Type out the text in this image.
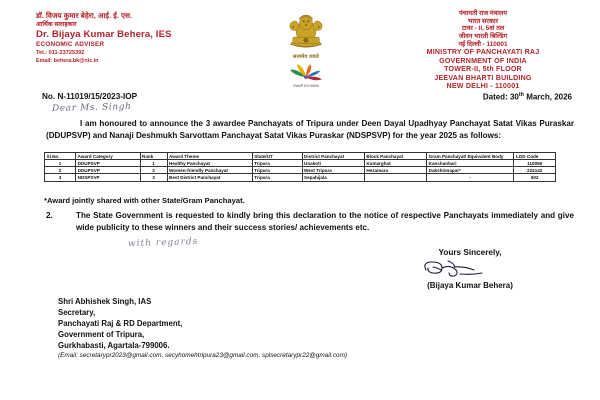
डॉ. विजय कुमार बेहेरा, आई. ई. एस.
आर्थिक सलाहकार
Dr. Bijaya Kumar Behera, IES
ECONOMIC ADVISER
Tel.: 011-23725392
Email: behera.bk@nic.in
सत्यमेव जयते
पंचायती राज मंत्रालय
पंचायती राज मंत्रालय
भारत सरकार
टावर - II, 5वां तल
जीवन भारती बिल्डिंग
नई दिल्ली - 110001
MINISTRY OF PANCHAYATI RAJ
GOVERNMENT OF INDIA
TOWER-II, 5th FLOOR
JEEVAN BHARTI BUILDING
NEW DELHI - 110001
No. N-11019/15/2023-IOP	Dated: 30th March, 2026
Dear Ms. Singh
I am honoured to announce the 3 awardee Panchayats of Tripura under Deen Dayal Upadhyay Panchayat Satat Vikas Puraskar (DDUPSVP) and Nanaji Deshmukh Sarvottam Panchayat Satat Vikas Puraskar (NDSPSVP) for the year 2025 as follows:
Sl.No.	Award Category	Rank	Award Theme	State/UT	District Panchayat	Block Panchayat	Gram Panchayat/ Equivalent Body	LGD Code
1	DDUPSVP	1	Healthy Panchayat	Tripura	Unakoti	Kumarghat	Kanchanbari	110055
2	DDUPSVP	2	Women-friendly Panchayat	Tripura	West Tripura	Hezamara	Dakshinnapar*	224142
3	NDSPSVP	3	Best District Panchayat	Tripura	Sepahijala		-	502
*Award jointly shared with other State/Gram Panchayat.
2.	The State Government is requested to kindly bring this declaration to the notice of respective Panchayats immediately and give wide publicity to these winners and their success stories/ achievements etc.
with regards
Yours Sincerely,
(Bijaya Kumar Behera)
Shri Abhishek Singh, IAS
Secretary,
Panchayati Raj & RD Department,
Government of Tripura,
Gurkhabasti, Agartala-799006.
(Email: secretarypr2023@gmail.com, secyhomehtripura23@gmail.com, splsecretarypr22@gmail.com)
